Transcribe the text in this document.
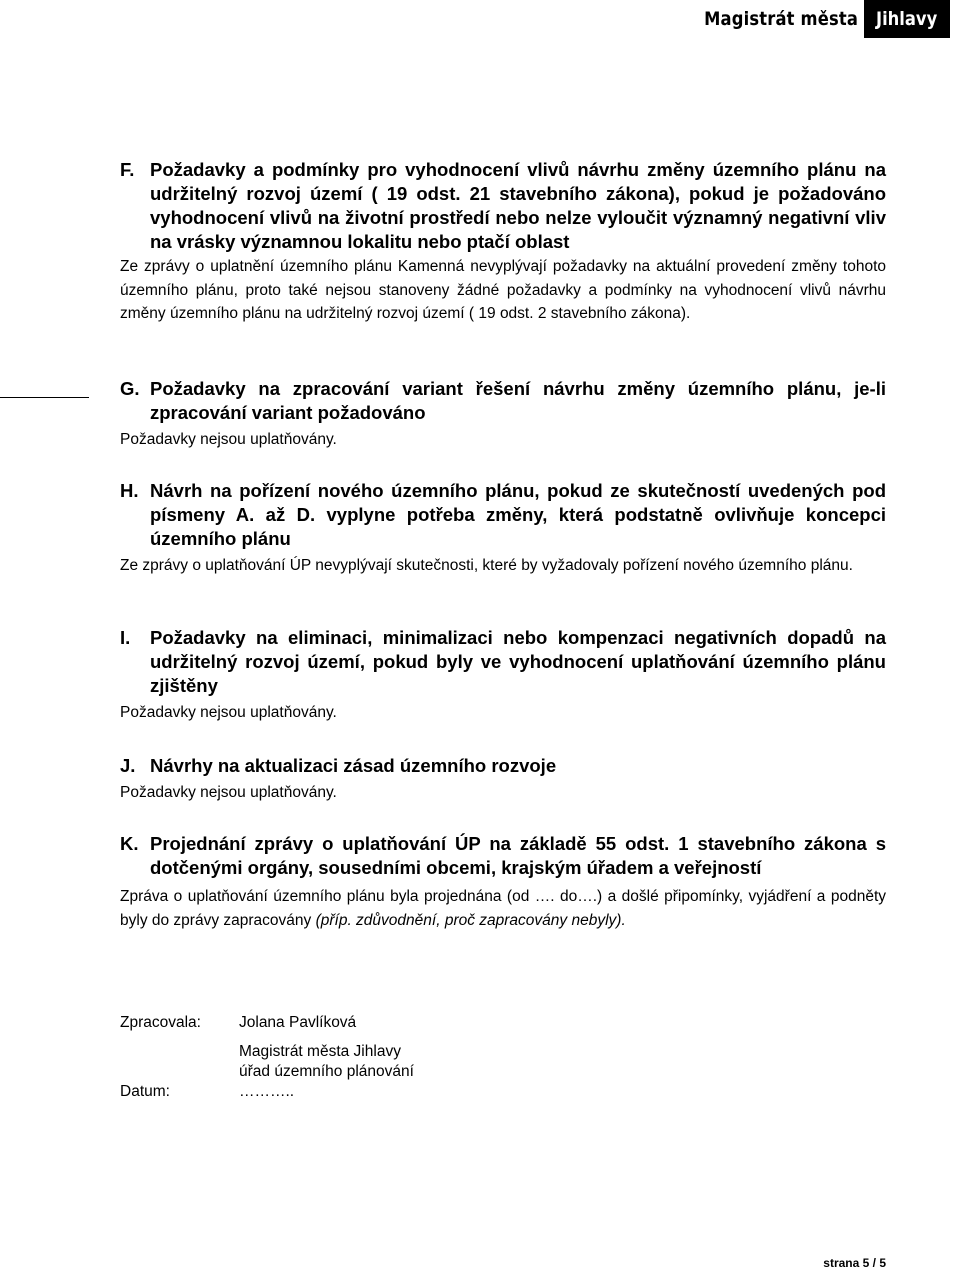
Magistrát města Jihlavy
F. Požadavky a podmínky pro vyhodnocení vlivů návrhu změny územního plánu na udržitelný rozvoj území ( 19 odst. 21 stavebního zákona), pokud je požadováno vyhodnocení vlivů na životní prostředí nebo nelze vyloučit významný negativní vliv na vrásky významnou lokalitu nebo ptačí oblast
Ze zprávy o uplatnění územního plánu Kamenná nevyplývají požadavky na aktuální provedení změny tohoto územního plánu, proto také nejsou stanoveny žádné požadavky a podmínky na vyhodnocení vlivů návrhu změny územního plánu na udržitelný rozvoj území ( 19 odst. 2 stavebního zákona).
G. Požadavky na zpracování variant řešení návrhu změny územního plánu, je-li zpracování variant požadováno
Požadavky nejsou uplatňovány.
H. Návrh na pořízení nového územního plánu, pokud ze skutečností uvedených pod písmeny A. až D. vyplyne potřeba změny, která podstatně ovlivňuje koncepci územního plánu
Ze zprávy o uplatňování ÚP nevyplývají skutečnosti, které by vyžadovaly pořízení nového územního plánu.
I. Požadavky na eliminaci, minimalizaci nebo kompenzaci negativních dopadů na udržitelný rozvoj území, pokud byly ve vyhodnocení uplatňování územního plánu zjištěny
Požadavky nejsou uplatňovány.
J. Návrhy na aktualizaci zásad územního rozvoje
Požadavky nejsou uplatňovány.
K. Projednání zprávy o uplatňování ÚP na základě 55 odst. 1 stavebního zákona s dotčenými orgány, sousedními obcemi, krajským úřadem a veřejností
Zpráva o uplatňování územního plánu byla projednána (od …. do….) a došlé připomínky, vyjádření a podněty byly do zprávy zapracovány (příp. zdůvodnění, proč zapracovány nebyly).
Zpracovala: Jolana Pavlíková
Magistrát města Jihlavy
úřad územního plánování
Datum:	………..
strana 5 / 5
